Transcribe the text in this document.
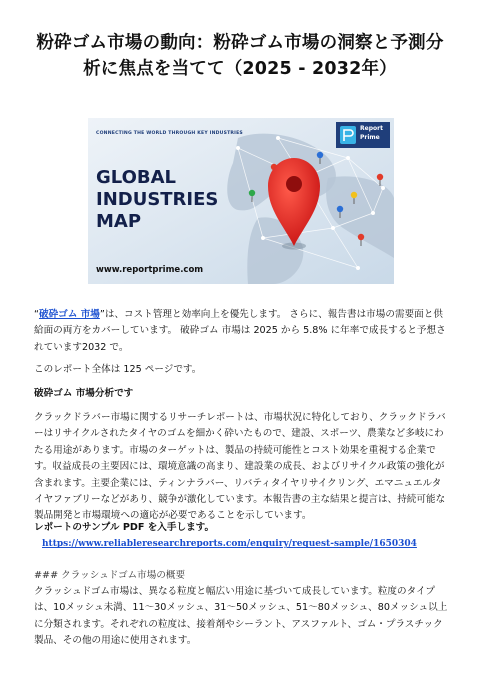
粉砕ゴム市場の動向：粉砕ゴム市場の洞察と予測分析に焦点を当てて（2025 - 2032年）
CONNECTING THE WORLD THROUGH KEY INDUSTRIES
GLOBAL
INDUSTRIES
MAP
www.reportprime.com
Report
Prime
“破砕ゴム 市場”は、コスト管理と効率向上を優先します。 さらに、報告書は市場の需要面と供給面の両方をカバーしています。 破砕ゴム 市場は 2025 から 5.8% に年率で成長すると予想されています2032 で。
このレポート全体は 125 ページです。
破砕ゴム 市場分析です
クラックドラバー市場に関するリサーチレポートは、市場状況に特化しており、クラックドラバーはリサイクルされたタイヤのゴムを細かく砕いたもので、建設、スポーツ、農業など多岐にわたる用途があります。市場のターゲットは、製品の持続可能性とコスト効果を重視する企業です。収益成長の主要因には、環境意識の高まり、建設業の成長、およびリサイクル政策の強化が含まれます。主要企業には、ティンナラバー、リバティタイヤリサイクリング、エマニュエルタイヤファブリーなどがあり、競争が激化しています。本報告書の主な結果と提言は、持続可能な製品開発と市場環境への適応が必要であることを示しています。
レポートのサンプル PDF を入手します。https://www.reliableresearchreports.com/enquiry/request-sample/1650304
### クラッシュドゴム市場の概要
クラッシュドゴム市場は、異なる粒度と幅広い用途に基づいて成長しています。粒度のタイプは、10メッシュ未満、11〜30メッシュ、31〜50メッシュ、51〜80メッシュ、80メッシュ以上に分類されます。それぞれの粒度は、接着剤やシーラント、アスファルト、ゴム・プラスチック製品、その他の用途に使用されます。
